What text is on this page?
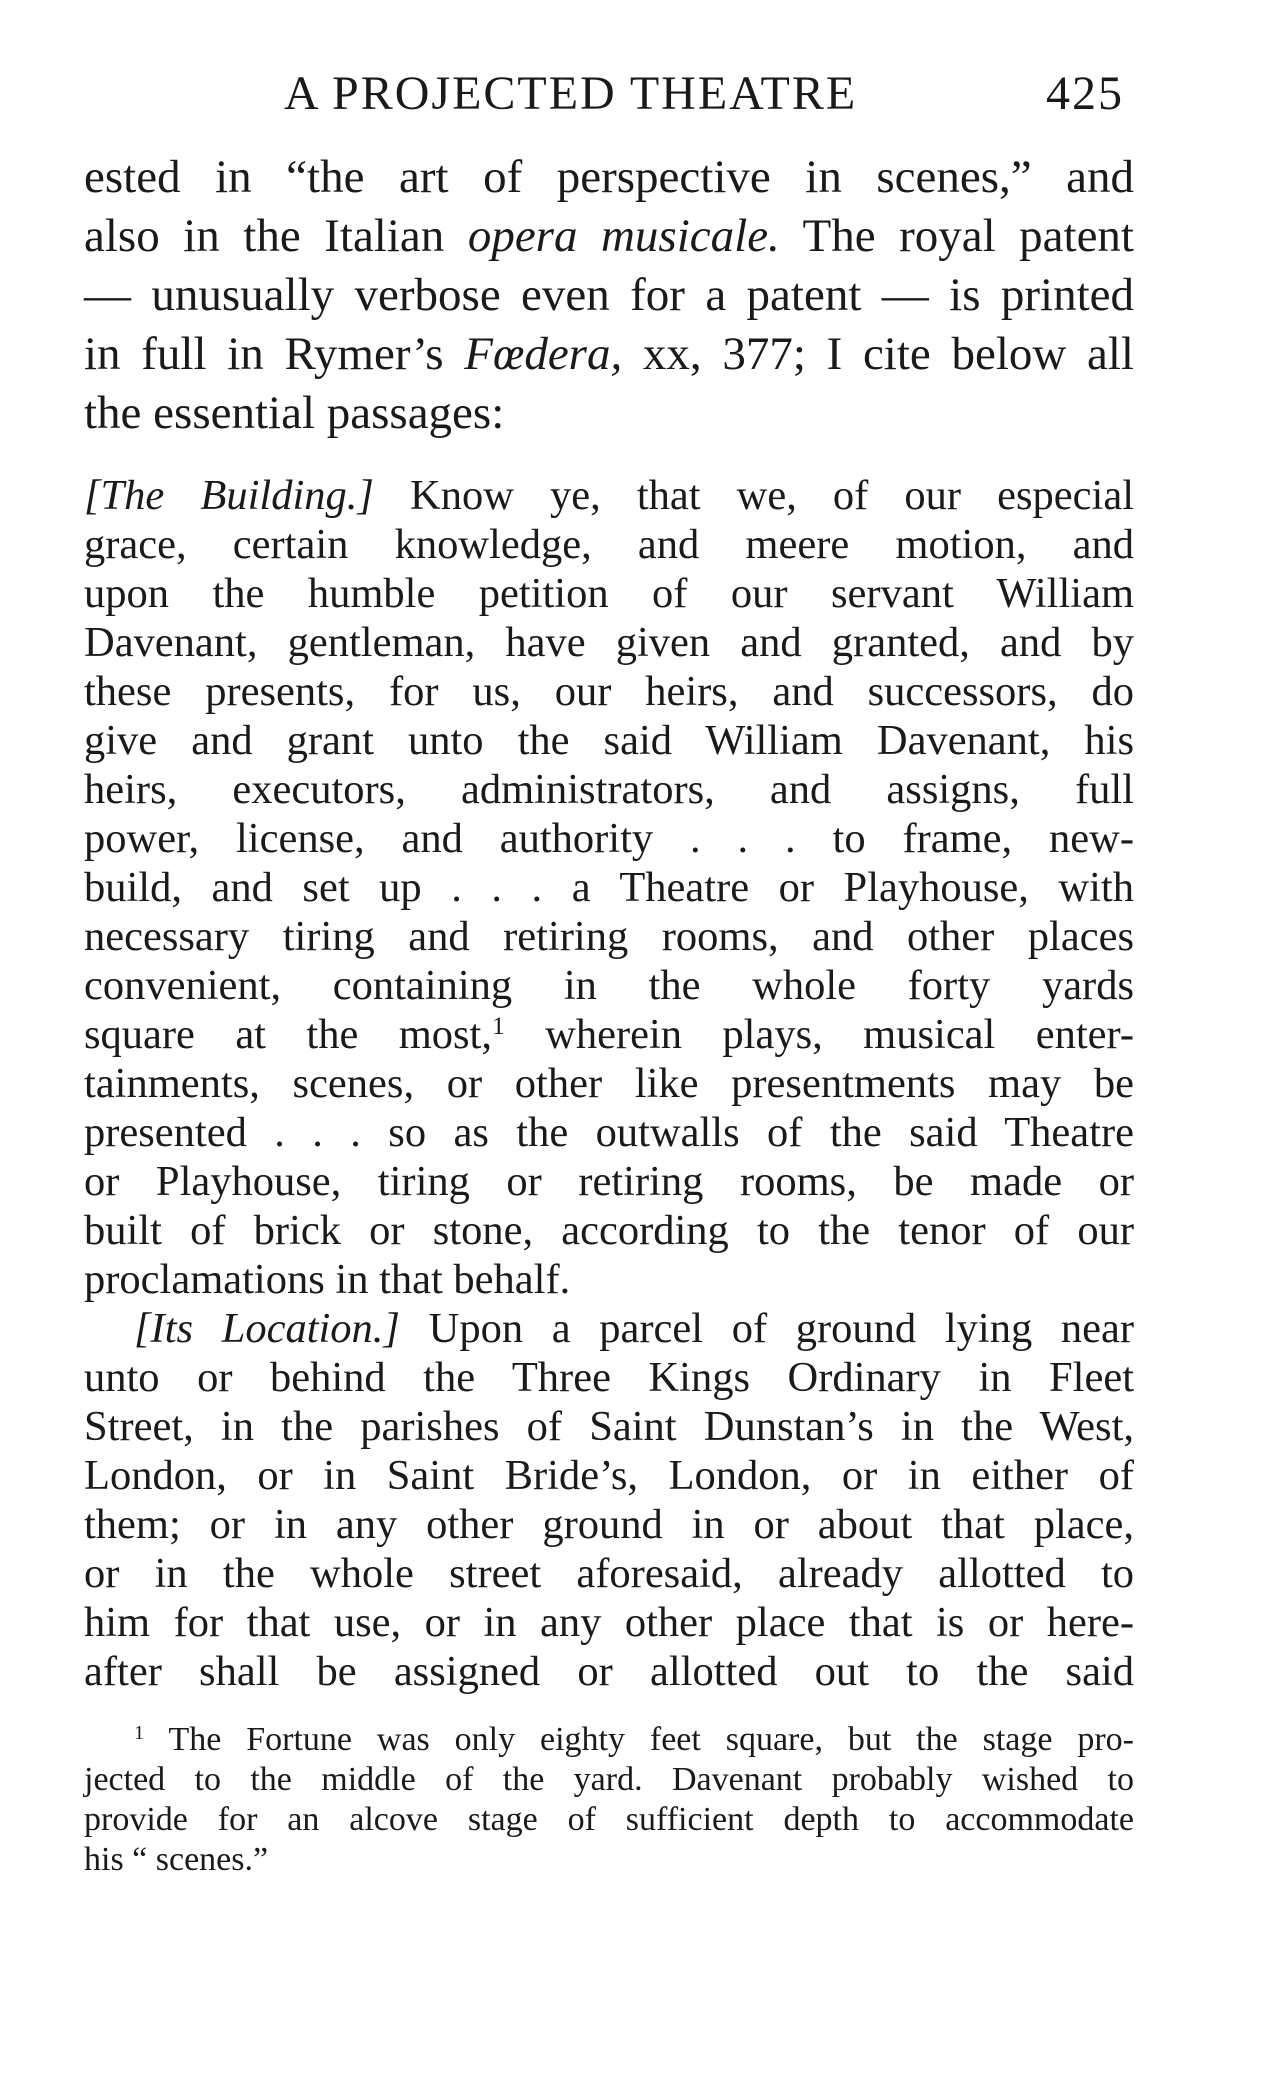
A PROJECTED THEATRE	425
ested in “the art of perspective in scenes,” and
also in the Italian opera musicale. The royal patent
— unusually verbose even for a patent — is printed
in full in Rymer’s Fœdera, xx, 377; I cite below all
the essential passages:
[The Building.] Know ye, that we, of our especial
grace, certain knowledge, and meere motion, and
upon the humble petition of our servant William
Davenant, gentleman, have given and granted, and by
these presents, for us, our heirs, and successors, do
give and grant unto the said William Davenant, his
heirs, executors, administrators, and assigns, full
power, license, and authority . . . to frame, new-
build, and set up . . . a Theatre or Playhouse, with
necessary tiring and retiring rooms, and other places
convenient, containing in the whole forty yards
square at the most,$^1$ wherein plays, musical enter-
tainments, scenes, or other like presentments may be
presented . . . so as the outwalls of the said Theatre
or Playhouse, tiring or retiring rooms, be made or
built of brick or stone, according to the tenor of our
proclamations in that behalf.
[Its Location.] Upon a parcel of ground lying near
unto or behind the Three Kings Ordinary in Fleet
Street, in the parishes of Saint Dunstan’s in the West,
London, or in Saint Bride’s, London, or in either of
them; or in any other ground in or about that place,
or in the whole street aforesaid, already allotted to
him for that use, or in any other place that is or here-
after shall be assigned or allotted out to the said
$^1$ The Fortune was only eighty feet square, but the stage pro-
jected to the middle of the yard. Davenant probably wished to
provide for an alcove stage of sufficient depth to accommodate
his “ scenes.”
